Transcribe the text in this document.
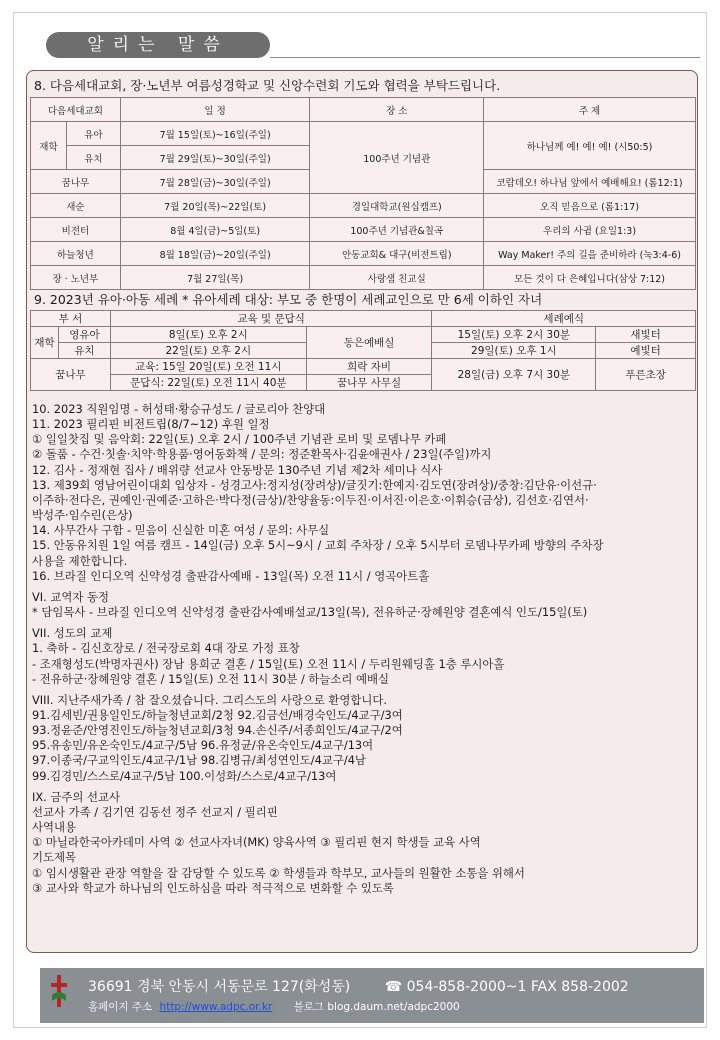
알리는 말씀
8. 다음세대교회, 장·노년부 여름성경학교 및 신앙수련회 기도와 협력을 부탁드립니다.
다음세대교회		일 정	장 소	주 제
재학	유아	7월 15일(토)~16일(주일)	100주년 기념관	하나님께 예! 예! 예! (시50:5)
	유치	7월 29일(토)~30일(주일)		
꿈나무		7월 28일(금)~30일(주일)		코람데오! 하나님 앞에서 예배해요! (롬12:1)
새순		7월 20일(목)~22일(토)	경일대학교(원십캠프)	오직 믿음으로 (롬1:17)
비전터		8월 4일(금)~5일(토)	100주년 기념관&칠곡	우리의 사귐 (요일1:3)
하늘청년		8월 18일(금)~20일(주일)	안동교회& 대구(비전트립)	Way Maker! 주의 길을 준비하라 (눅3:4-6)
장 · 노년부		7월 27일(목)	사랑샘 친교실	모든 것이 다 은혜입니다(삼상 7:12)
9. 2023년 유아·아동 세례 * 유아세례 대상: 부모 중 한명이 세례교인으로 만 6세 이하인 자녀
부 서		교육 및 문답식		세례예식	
재학	영유아	8일(토) 오후 2시	동은예배실	15일(토) 오후 2시 30분	새빛터
	유치	22일(토) 오후 2시		29일(토) 오후 1시	예빛터
꿈나무		교육: 15일 20일(토) 오전 11시	희락 자비	28일(금) 오후 7시 30분	푸른초장
		문답식: 22일(토) 오전 11시 40분	꿈나무 사무실		
10. 2023 직원임명 - 허성태·황승규성도 / 글로리아 찬양대
11. 2023 필리핀 비전트립(8/7~12) 후원 일정
① 일일찻집 및 음악회: 22일(토) 오후 2시 / 100주년 기념관 로비 및 로뎀나무 카페
② 돌품 - 수건·칫솔·치약·학용품·영어동화책 / 문의: 정준환목사·김윤애권사 / 23일(주일)까지
12. 김사 - 정재현 집사 / 배위량 선교사 안동방문 130주년 기념 제2차 세미나 식사
13. 제39회 영남어린이대회 입상자 - 성경고사:정지성(장려상)/글짓기:한예지·김도연(장려상)/중창:김단유·이선규·
이주하·전다은, 권예인·권예준·고하은·박다정(금상)/찬양율동:이두진·이서진·이은호·이휘승(금상), 김선호·김연서·
박성주·임수린(은상)
14. 사무간사 구함 - 믿음이 신실한 미혼 여성 / 문의: 사무실
15. 안동유치원 1일 여름 캠프 - 14일(금) 오후 5시~9시 / 교회 주차장 / 오후 5시부터 로뎀나무카페 방향의 주차장
사용을 제한합니다.
16. 브라질 인디오역 신약성경 출판감사예배 - 13일(목) 오전 11시 / 영곡아트홀
VI. 교역자 동정
* 담임목사 - 브라질 인디오역 신약성경 출판감사예배설교/13일(목), 전유하군·장혜원양 결혼예식 인도/15일(토)
VII. 성도의 교제
1. 축하 - 김신호장로 / 전국장로회 4대 장로 가정 표창
- 조재형성도(박명자권사) 장남 용희군 결혼 / 15일(토) 오전 11시 / 두리원웨딩홀 1층 루시아홀
- 전유하군·장혜원양 결혼 / 15일(토) 오전 11시 30분 / 하늘소리 예배실
VIII. 지난주새가족 / 참 잘오셨습니다. 그리스도의 사랑으로 환영합니다.
91.김세빈/권용일인도/하늘청년교회/2청 92.김금선/배경숙인도/4교구/3여
93.정윤준/안영진인도/하늘청년교회/3청 94.손신주/서종희인도/4교구/2여
95.유송민/유온숙인도/4교구/5남 96.유정균/유온숙인도/4교구/13여
97.이종국/구교익인도/4교구/1남 98.김병규/최성연인도/4교구/4남
99.김경민/스스로/4교구/5남 100.이성화/스스로/4교구/13여
IX. 금주의 선교사
선교사 가족 / 김기연 김동선 정주 선교지 / 필리핀
사역내용
① 마닐라한국아카데미 사역 ② 선교사자녀(MK) 양육사역 ③ 필리핀 현지 학생들 교육 사역
기도제목
① 임시생활관 관장 역할을 잘 감당할 수 있도록 ② 학생들과 학부모, 교사들의 원활한 소통을 위해서
③ 교사와 학교가 하나님의 인도하심을 따라 적극적으로 변화할 수 있도록
36691 경북 안동시 서동문로 127(화성동) ☎ 054-858-2000~1 FAX 858-2002
홈페이지 주소 http://www.adpc.or.kr 블로그 blog.daum.net/adpc2000
